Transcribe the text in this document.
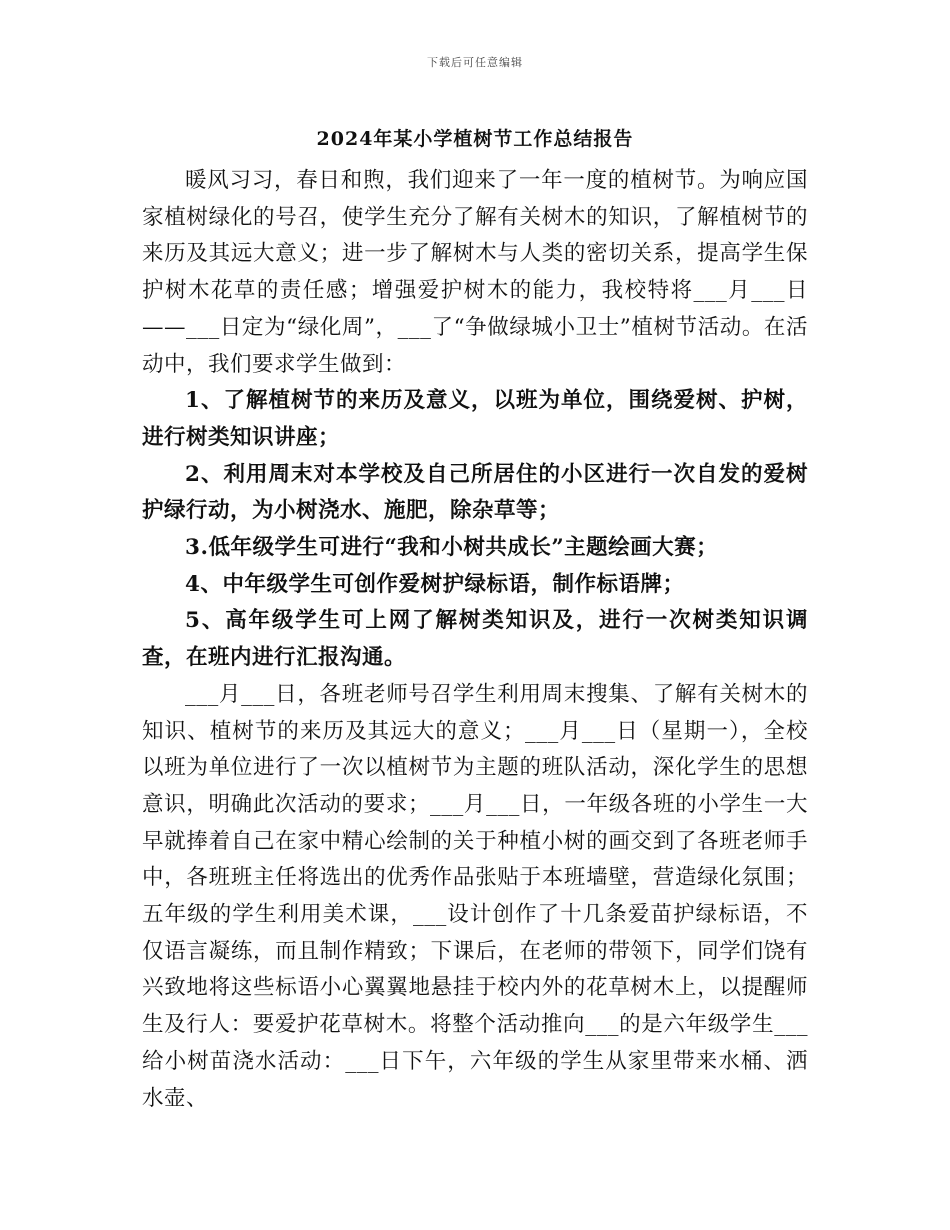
下载后可任意编辑
2024年某小学植树节工作总结报告

暖风习习，春日和煦，我们迎来了一年一度的植树节。为响应国家植树绿化的号召，使学生充分了解有关树木的知识，了解植树节的来历及其远大意义；进一步了解树木与人类的密切关系，提高学生保护树木花草的责任感；增强爱护树木的能力，我校特将___月___日——___日定为“绿化周”，___了“争做绿城小卫士”植树节活动。在活动中，我们要求学生做到：

1、了解植树节的来历及意义，以班为单位，围绕爱树、护树，进行树类知识讲座；

2、利用周末对本学校及自己所居住的小区进行一次自发的爱树护绿行动，为小树浇水、施肥，除杂草等；

3.低年级学生可进行“我和小树共成长”主题绘画大赛；

4、中年级学生可创作爱树护绿标语，制作标语牌；

5、高年级学生可上网了解树类知识及，进行一次树类知识调查，在班内进行汇报沟通。

___月___日，各班老师号召学生利用周末搜集、了解有关树木的知识、植树节的来历及其远大的意义；___月___日（星期一），全校以班为单位进行了一次以植树节为主题的班队活动，深化学生的思想意识，明确此次活动的要求；___月___日，一年级各班的小学生一大早就捧着自己在家中精心绘制的关于种植小树的画交到了各班老师手中，各班班主任将选出的优秀作品张贴于本班墙壁，营造绿化氛围；五年级的学生利用美术课，___设计创作了十几条爱苗护绿标语，不仅语言凝练，而且制作精致；下课后，在老师的带领下，同学们饶有兴致地将这些标语小心翼翼地悬挂于校内外的花草树木上，以提醒师生及行人：要爱护花草树木。将整个活动推向___的是六年级学生___给小树苗浇水活动：___日下午，六年级的学生从家里带来水桶、洒水壶、
